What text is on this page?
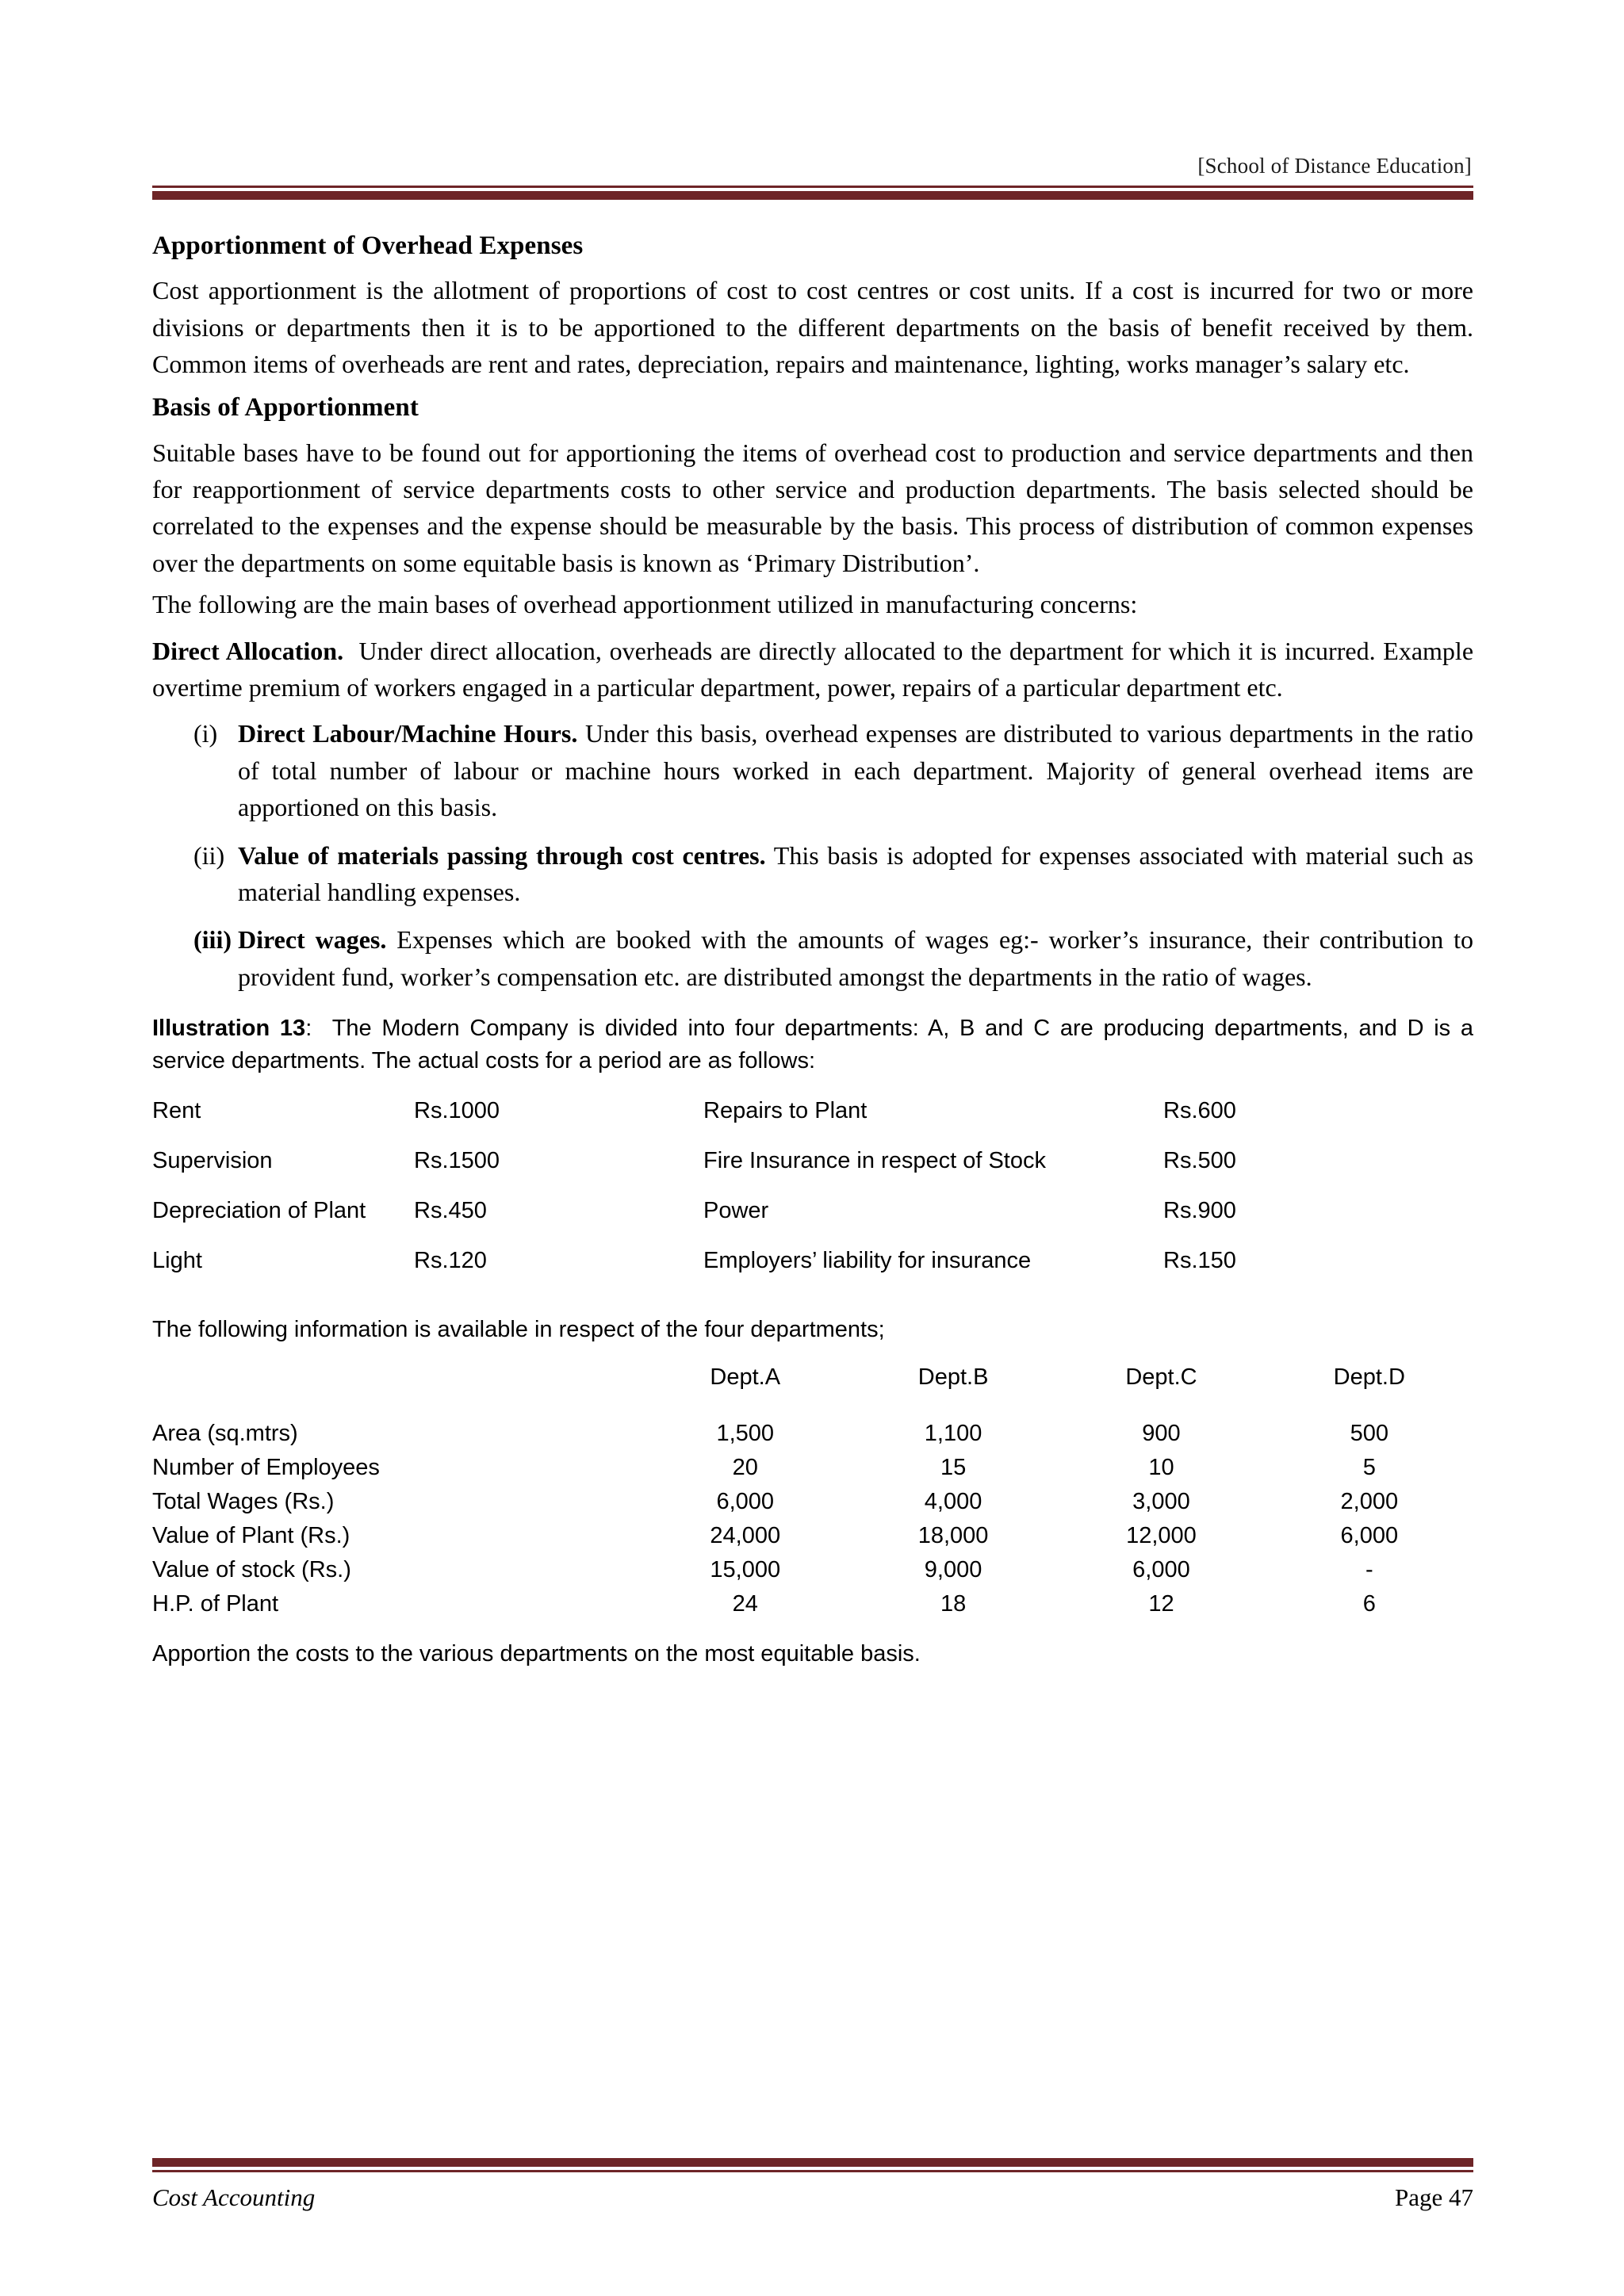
[School of Distance Education]
Apportionment of Overhead Expenses

Cost apportionment is the allotment of proportions of cost to cost centres or cost units. If a cost is incurred for two or more divisions or departments then it is to be apportioned to the different departments on the basis of benefit received by them. Common items of overheads are rent and rates, depreciation, repairs and maintenance, lighting, works manager’s salary etc.

Basis of Apportionment

Suitable bases have to be found out for apportioning the items of overhead cost to production and service departments and then for reapportionment of service departments costs to other service and production departments. The basis selected should be correlated to the expenses and the expense should be measurable by the basis. This process of distribution of common expenses over the departments on some equitable basis is known as ‘Primary Distribution’.

The following are the main bases of overhead apportionment utilized in manufacturing concerns:

Direct Allocation. Under direct allocation, overheads are directly allocated to the department for which it is incurred. Example overtime premium of workers engaged in a particular department, power, repairs of a particular department etc.

(i) Direct Labour/Machine Hours. Under this basis, overhead expenses are distributed to various departments in the ratio of total number of labour or machine hours worked in each department. Majority of general overhead items are apportioned on this basis.
(ii) Value of materials passing through cost centres. This basis is adopted for expenses associated with material such as material handling expenses.
(iii) Direct wages. Expenses which are booked with the amounts of wages eg:- worker’s insurance, their contribution to provident fund, worker’s compensation etc. are distributed amongst the departments in the ratio of wages.

Illustration 13: The Modern Company is divided into four departments: A, B and C are producing departments, and D is a service departments. The actual costs for a period are as follows:

Rent	Rs.1000	Repairs to Plant	Rs.600
Supervision	Rs.1500	Fire Insurance in respect of Stock	Rs.500
Depreciation of Plant	Rs.450	Power	Rs.900
Light	Rs.120	Employers’ liability for insurance	Rs.150

The following information is available in respect of the four departments;

	Dept.A	Dept.B	Dept.C	Dept.D
Area (sq.mtrs)	1,500	1,100	900	500
Number of Employees	20	15	10	5
Total Wages (Rs.)	6,000	4,000	3,000	2,000
Value of Plant (Rs.)	24,000	18,000	12,000	6,000
Value of stock (Rs.)	15,000	9,000	6,000	-
H.P. of Plant	24	18	12	6

Apportion the costs to the various departments on the most equitable basis.

Cost Accounting	Page 47
